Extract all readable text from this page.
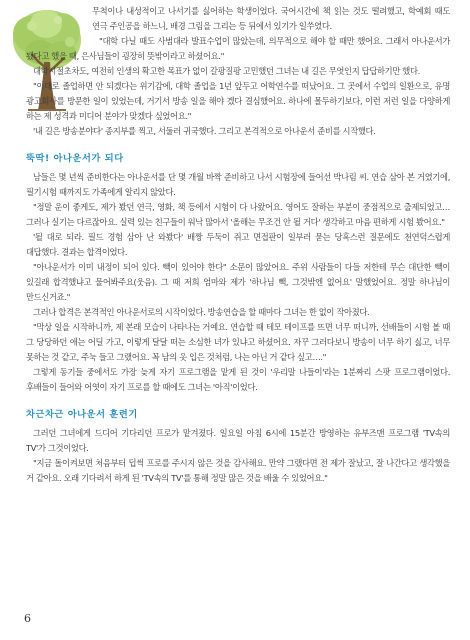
무척이나 내성적이고 나서기를 싫어하는 학생이었다. 국어시간에 책 읽는 것도 떨려했고, 학예회 때도 연극 주인공을 하느니, 배경 그림을 그리는 등 뒤에서 있기가 일쑤였다.

"대학 다닐 때도 사범대라 발표수업이 많았는데, 의무적으로 해야 할 때만 했어요. 그래서 아나운서가 됐다고 했을 때, 은사님들이 굉장히 뜻밖이라고 하셨어요."

대학시절초차도, 여전히 인생의 확고한 목표가 없이 갈팡질팡 고민했던 그녀는 내 길은 무엇인지 답답하기만 했다.

"이대로 졸업하면 안 되겠다는 위기감에, 대학 졸업을 1년 앞두고 어학연수를 떠났어요. 그 곳에서 수업의 일환으로, 유명 광고회사를 방문한 일이 있었는데, 거기서 방송 일을 해야 겠다 결심했어요. 하나에 몰두하기보다, 이런 저런 일을 다양하게 하는 제 성격과 미디어 분야가 맞겠다 싶었어요."

'내 길은 방송분야다' 종지부를 찍고, 서둘러 귀국했다. 그리고 본격적으로 아나운서 준비를 시작했다.

뚝딱! 아나운서가 되다

남들은 몇 년씩 준비한다는 아나운서를 단 몇 개월 바짝 준비하고 나서 시험장에 들어선 박나림 씨. 연습 삼아 본 거였기에, 필기시험 때까지도 가족에게 알리지 않았다.

"정말 운이 좋게도, 제가 봤던 연극, 영화, 책 등에서 시험이 다 나왔어요. 영어도 잘하는 부분이 중점적으로 출제되었고… 그러나 실기는 다르잖아요. 실력 있는 친구들이 워낙 많아서 '올해는 무조건 안 될 거다' 생각하고 마음 편하게 시험 봤어요."

'될 대로 되라. 필드 경험 삼아 난 와봤다' 배짱 두둑이 쥐고 면접판이 일부러 묻는 당혹스런 질문에도 천연덕스럽게 대답했다. 결과는 합격이었다.

"아나운서가 이미 내정이 되어 있다. 빽이 있어야 한다" 소문이 많았어요. 주위 사람들이 다들 저한테 무슨 대단한 빽이 있길래 합격했냐고 물어봐주요(웃음). 그 때 저희 엄마와 제가 '하나님 빽, 그것밖엔 없어요' 말했었어요. 정말 하나님이 만드신거죠."

그러나 합격은 본격적인 아나운서로의 시작이었다. 방송연습을 할 때마다 그녀는 한 없이 작아졌다.

"막상 일을 시작하니까, 제 본래 모습이 나타나는 거예요. 연습할 때 테모 테이프를 뜨면 너무 떠니까, 선배들이 시험 볼 때 그 당당하던 애는 어딜 가고, 이렇게 달달 떠는 소심한 녀가 있냐고 하셨어요. 자꾸 그러다보니 방송이 너무 하기 싫고, 너무 못하는 것 같고, 주눅 들고 그랬어요. 꼭 남의 옷 입은 것처럼, 나는 아닌 거 같다 싶고…."

그렇게 동기들 중에서도 가장 늦게 자기 프로그램을 맡게 된 것이 '우리말 나들이'라는 1분짜리 스팟 프로그램이었다. 후배들이 들어와 어엿이 자기 프로를 할 때에도 그녀는 '아직'이었다.

차근차근 아나운서 훈련기

그러던 그녀에게 드디어 기다리던 프로가 맡겨졌다. 일요일 아침 6시에 15분간 방영하는 유부즈맨 프로그램 'TV속의 TV'가 그것이었다.

"지금 돌이켜보면 처음부터 덥썩 프로를 주시지 않은 것을 감사해요. 만약 그랬다면 전 제가 잘났고, 잘 나간다고 생각했을 거 같아요. 오래 기다려서 하게 된 'TV속의 TV'를 통해 정말 많은 것을 배울 수 있었어요."

6
